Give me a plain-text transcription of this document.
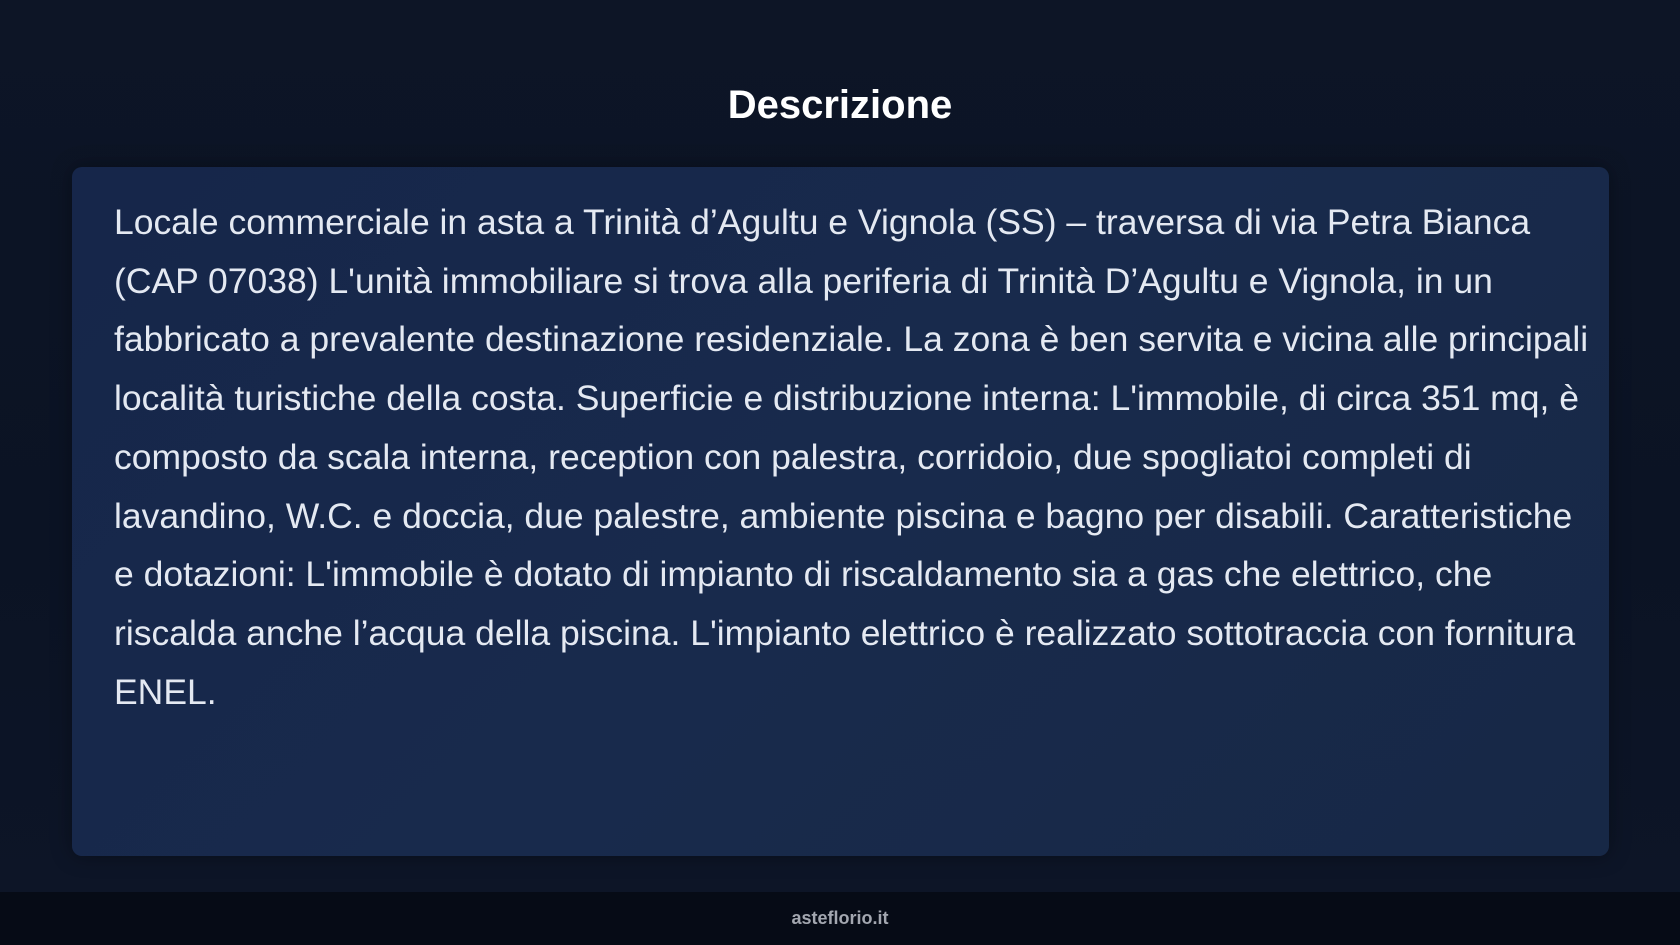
Descrizione

Locale commerciale in asta a Trinità d’Agultu e Vignola (SS) – traversa di via Petra Bianca (CAP 07038) L'unità immobiliare si trova alla periferia di Trinità D’Agultu e Vignola, in un fabbricato a prevalente destinazione residenziale. La zona è ben servita e vicina alle principali località turistiche della costa. Superficie e distribuzione interna: L'immobile, di circa 351 mq, è composto da scala interna, reception con palestra, corridoio, due spogliatoi completi di lavandino, W.C. e doccia, due palestre, ambiente piscina e bagno per disabili. Caratteristiche e dotazioni: L'immobile è dotato di impianto di riscaldamento sia a gas che elettrico, che riscalda anche l’acqua della piscina. L'impianto elettrico è realizzato sottotraccia con fornitura ENEL.

asteflorio.it
